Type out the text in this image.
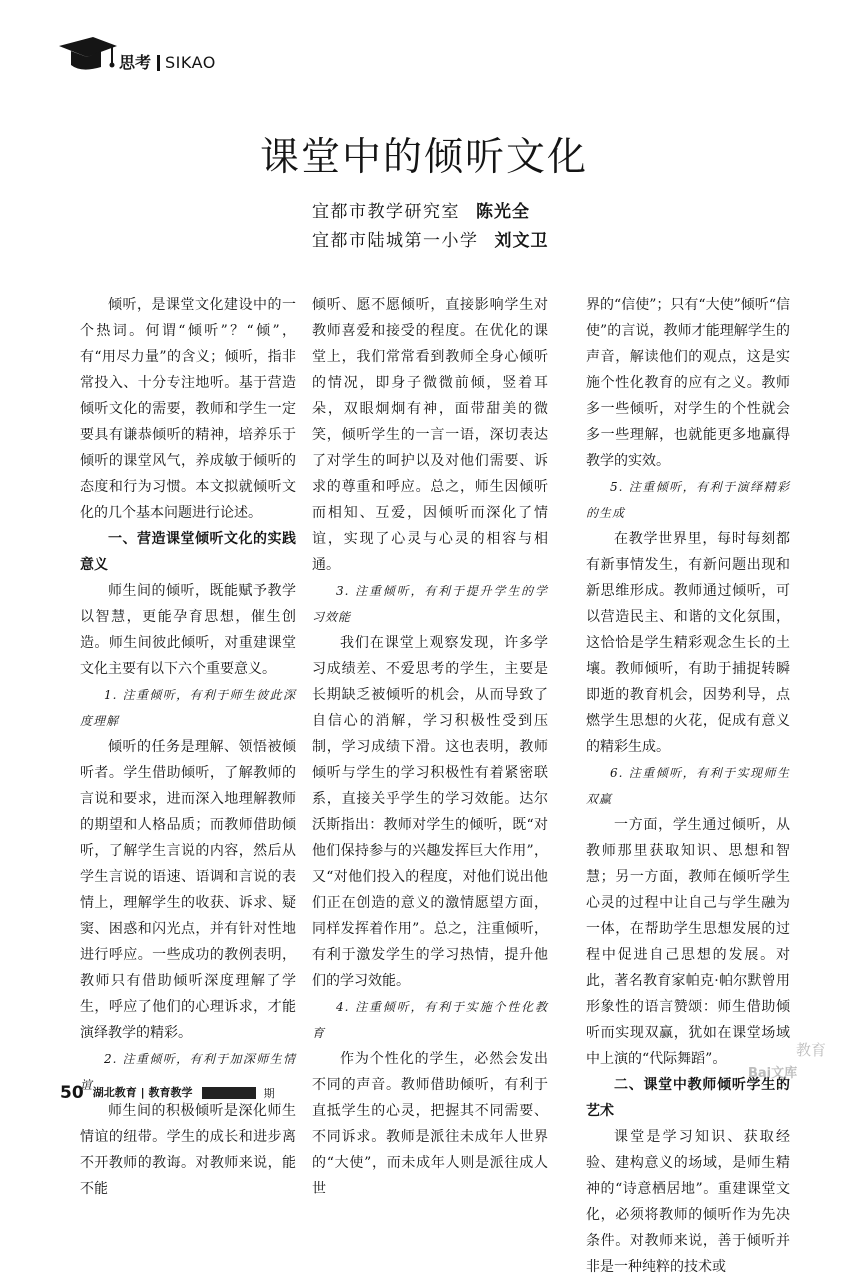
思考 SIKAO
课堂中的倾听文化
宜都市教学研究室 陈光全
宜都市陆城第一小学 刘文卫

倾听，是课堂文化建设中的一个热词。何谓“倾听”？“倾”，有“用尽力量”的含义；倾听，指非常投入、十分专注地听。基于营造倾听文化的需要，教师和学生一定要具有谦恭倾听的精神，培养乐于倾听的课堂风气，养成敏于倾听的态度和行为习惯。本文拟就倾听文化的几个基本问题进行论述。

一、营造课堂倾听文化的实践意义

师生间的倾听，既能赋予教学以智慧，更能孕育思想，催生创造。师生间彼此倾听，对重建课堂文化主要有以下六个重要意义。

1. 注重倾听，有利于师生彼此深度理解

倾听的任务是理解、领悟被倾听者。学生借助倾听，了解教师的言说和要求，进而深入地理解教师的期望和人格品质；而教师借助倾听，了解学生言说的内容，然后从学生言说的语速、语调和言说的表情上，理解学生的收获、诉求、疑窦、困惑和闪光点，并有针对性地进行呼应。一些成功的教例表明，教师只有借助倾听深度理解了学生，呼应了他们的心理诉求，才能演绎教学的精彩。

2. 注重倾听，有利于加深师生情谊

师生间的积极倾听是深化师生情谊的纽带。学生的成长和进步离不开教师的教诲。对教师来说，能不能

倾听、愿不愿倾听，直接影响学生对教师喜爱和接受的程度。在优化的课堂上，我们常常看到教师全身心倾听的情况，即身子微微前倾，竖着耳朵，双眼炯炯有神，面带甜美的微笑，倾听学生的一言一语，深切表达了对学生的呵护以及对他们需要、诉求的尊重和呼应。总之，师生因倾听而相知、互爱，因倾听而深化了情谊，实现了心灵与心灵的相容与相通。

3. 注重倾听，有利于提升学生的学习效能

我们在课堂上观察发现，许多学习成绩差、不爱思考的学生，主要是长期缺乏被倾听的机会，从而导致了自信心的消解，学习积极性受到压制，学习成绩下滑。这也表明，教师倾听与学生的学习积极性有着紧密联系，直接关乎学生的学习效能。达尔沃斯指出：教师对学生的倾听，既“对他们保持参与的兴趣发挥巨大作用”，又“对他们投入的程度，对他们说出他们正在创造的意义的激情愿望方面，同样发挥着作用”。总之，注重倾听，有利于激发学生的学习热情，提升他们的学习效能。

4. 注重倾听，有利于实施个性化教育

作为个性化的学生，必然会发出不同的声音。教师借助倾听，有利于直抵学生的心灵，把握其不同需要、不同诉求。教师是派往未成年人世界的“大使”，而未成年人则是派往成人世

界的“信使”；只有“大使”倾听“信使”的言说，教师才能理解学生的声音，解读他们的观点，这是实施个性化教育的应有之义。教师多一些倾听，对学生的个性就会多一些理解，也就能更多地赢得教学的实效。

5. 注重倾听，有利于演绎精彩的生成

在教学世界里，每时每刻都有新事情发生，有新问题出现和新思维形成。教师通过倾听，可以营造民主、和谐的文化氛围，这恰恰是学生精彩观念生长的土壤。教师倾听，有助于捕捉转瞬即逝的教育机会，因势利导，点燃学生思想的火花，促成有意义的精彩生成。

6. 注重倾听，有利于实现师生双赢

一方面，学生通过倾听，从教师那里获取知识、思想和智慧；另一方面，教师在倾听学生心灵的过程中让自己与学生融为一体，在帮助学生思想发展的过程中促进自己思想的发展。对此，著名教育家帕克·帕尔默曾用形象性的语言赞颂：师生借助倾听而实现双赢，犹如在课堂场域中上演的“代际舞蹈”。

二、课堂中教师倾听学生的艺术

课堂是学习知识、获取经验、建构意义的场域，是师生精神的“诗意栖居地”。重建课堂文化，必须将教师的倾听作为先决条件。对教师来说，善于倾听并非是一种纯粹的技术或

50 湖北教育 | 教育教学	期
教育
Bai文库
